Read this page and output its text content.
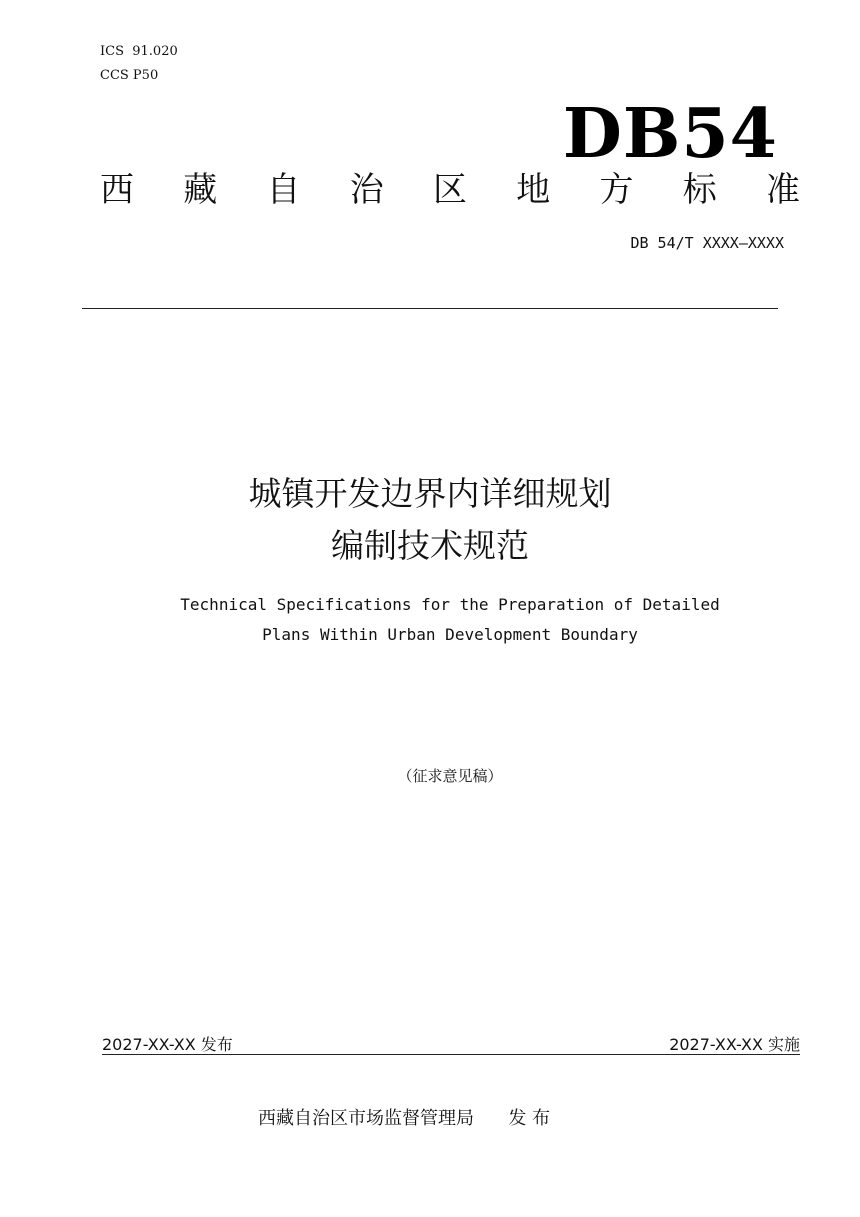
ICS  91.020
CCS P50
DB54
西 藏 自 治 区 地 方 标 准
DB 54/T XXXX—XXXX
城镇开发边界内详细规划
编制技术规范
Technical Specifications for the Preparation of Detailed
Plans Within Urban Development Boundary
（征求意见稿）
2027-XX-XX 发布	2027-XX-XX 实施
西藏自治区市场监督管理局 发 布
